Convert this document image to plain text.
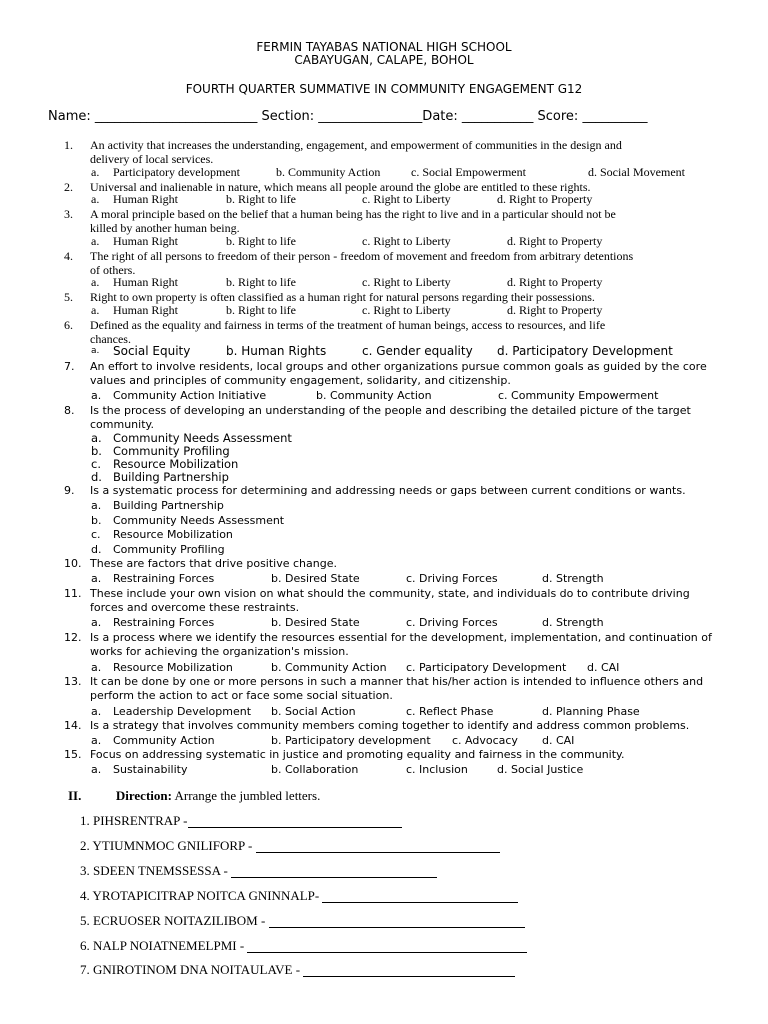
FERMIN TAYABAS NATIONAL HIGH SCHOOL
CABAYUGAN, CALAPE, BOHOL
FOURTH QUARTER SUMMATIVE IN COMMUNITY ENGAGEMENT G12
Name: _________________________ Section: ________________Date: ___________ Score: __________
1.	An activity that increases the understanding, engagement, and empowerment of communities in the design and
delivery of local services.
a. Participatory development	b. Community Action	c. Social Empowerment	d. Social Movement
2.	Universal and inalienable in nature, which means all people around the globe are entitled to these rights.
a. Human Right	b. Right to life	c. Right to Liberty	d. Right to Property
3.	A moral principle based on the belief that a human being has the right to live and in a particular should not be
killed by another human being.
a. Human Right	b. Right to life	c. Right to Liberty	d. Right to Property
4.	The right of all persons to freedom of their person - freedom of movement and freedom from arbitrary detentions
of others.
a. Human Right	b. Right to life	c. Right to Liberty	d. Right to Property
5.	Right to own property is often classified as a human right for natural persons regarding their possessions.
a. Human Right	b. Right to life	c. Right to Liberty	d. Right to Property
6.	Defined as the equality and fairness in terms of the treatment of human beings, access to resources, and life
chances.
a. Social Equity	b. Human Rights	c. Gender equality d. Participatory Development
7.	An effort to involve residents, local groups and other organizations pursue common goals as guided by the core
values and principles of community engagement, solidarity, and citizenship.
a. Community Action Initiative	b. Community Action	c. Community Empowerment
8.	Is the process of developing an understanding of the people and describing the detailed picture of the target
community.
a. Community Needs Assessment
b. Community Profiling
c. Resource Mobilization
d. Building Partnership
9.	Is a systematic process for determining and addressing needs or gaps between current conditions or wants.
a. Building Partnership
b. Community Needs Assessment
c. Resource Mobilization
d. Community Profiling
10. These are factors that drive positive change.
a. Restraining Forces	b. Desired State	c. Driving Forces	d. Strength
11. These include your own vision on what should the community, state, and individuals do to contribute driving
forces and overcome these restraints.
a. Restraining Forces	b. Desired State	c. Driving Forces	d. Strength
12. Is a process where we identify the resources essential for the development, implementation, and continuation of
works for achieving the organization's mission.
a. Resource Mobilization	b. Community Action c. Participatory Development d. CAI
13. It can be done by one or more persons in such a manner that his/her action is intended to influence others and
perform the action to act or face some social situation.
a. Leadership Development b. Social Action	c. Reflect Phase	d. Planning Phase
14. Is a strategy that involves community members coming together to identify and address common problems.
a. Community Action	b. Participatory development c. Advocacy d. CAI
15. Focus on addressing systematic in justice and promoting equality and fairness in the community.
a. Sustainability	b. Collaboration	c. Inclusion	d. Social Justice
II.	Direction: Arrange the jumbled letters.
1. PIHSRENTRAP -
2. YTIUMNMOC GNILIFORP -
3. SDEEN TNEMSSESSA -
4. YROTAPICITRAP NOITCA GNINNALP-
5. ECRUOSER NOITAZILIBOM -
6. NALP NOIATNEMELPMI -
7. GNIROTINOM DNA NOITAULAVE -
